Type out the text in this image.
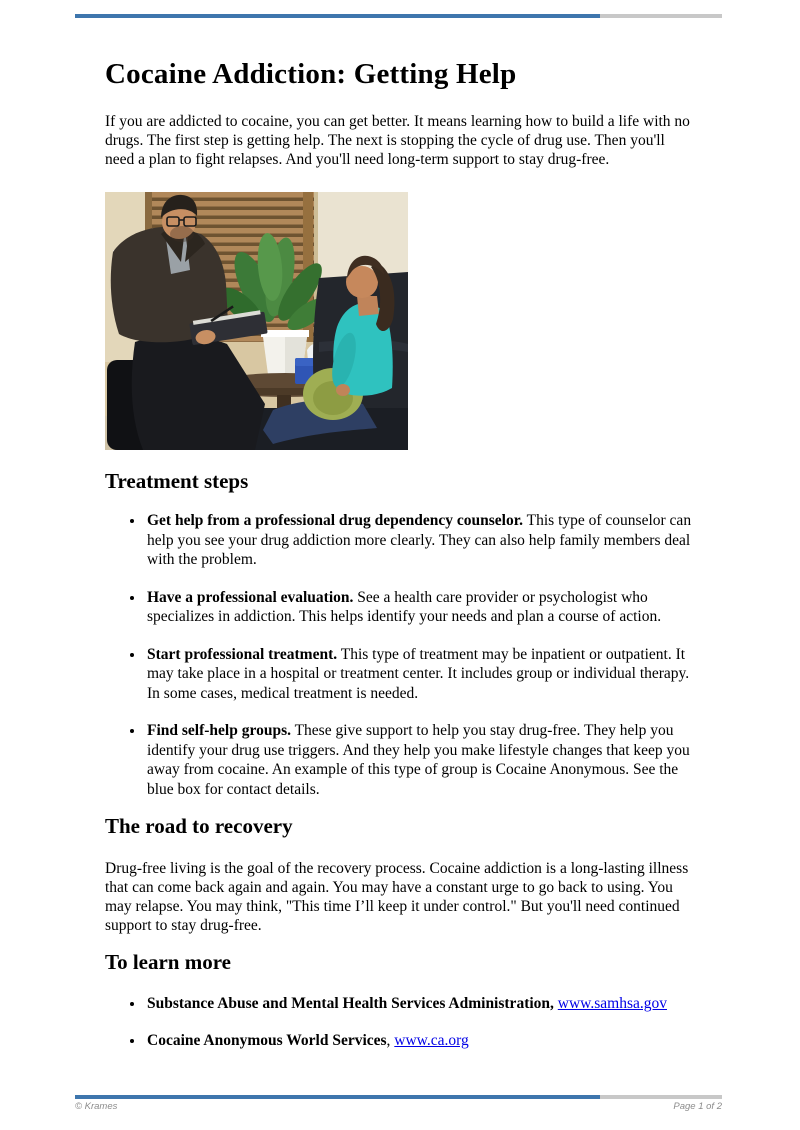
Cocaine Addiction: Getting Help

If you are addicted to cocaine, you can get better. It means learning how to build a life with no drugs. The first step is getting help. The next is stopping the cycle of drug use. Then you'll need a plan to fight relapses. And you'll need long-term support to stay drug-free.

Treatment steps
• Get help from a professional drug dependency counselor. This type of counselor can help you see your drug addiction more clearly. They can also help family members deal with the problem.
• Have a professional evaluation. See a health care provider or psychologist who specializes in addiction. This helps identify your needs and plan a course of action.
• Start professional treatment. This type of treatment may be inpatient or outpatient. It may take place in a hospital or treatment center. It includes group or individual therapy. In some cases, medical treatment is needed.
• Find self-help groups. These give support to help you stay drug-free. They help you identify your drug use triggers. And they help you make lifestyle changes that keep you away from cocaine. An example of this type of group is Cocaine Anonymous. See the blue box for contact details.
The road to recovery

Drug-free living is the goal of the recovery process. Cocaine addiction is a long-lasting illness that can come back again and again. You may have a constant urge to go back to using. You may relapse. You may think, "This time I’ll keep it under control." But you'll need continued support to stay drug-free.

To learn more
• Substance Abuse and Mental Health Services Administration, www.samhsa.gov
• Cocaine Anonymous World Services, www.ca.org
© Krames	Page 1 of 2
